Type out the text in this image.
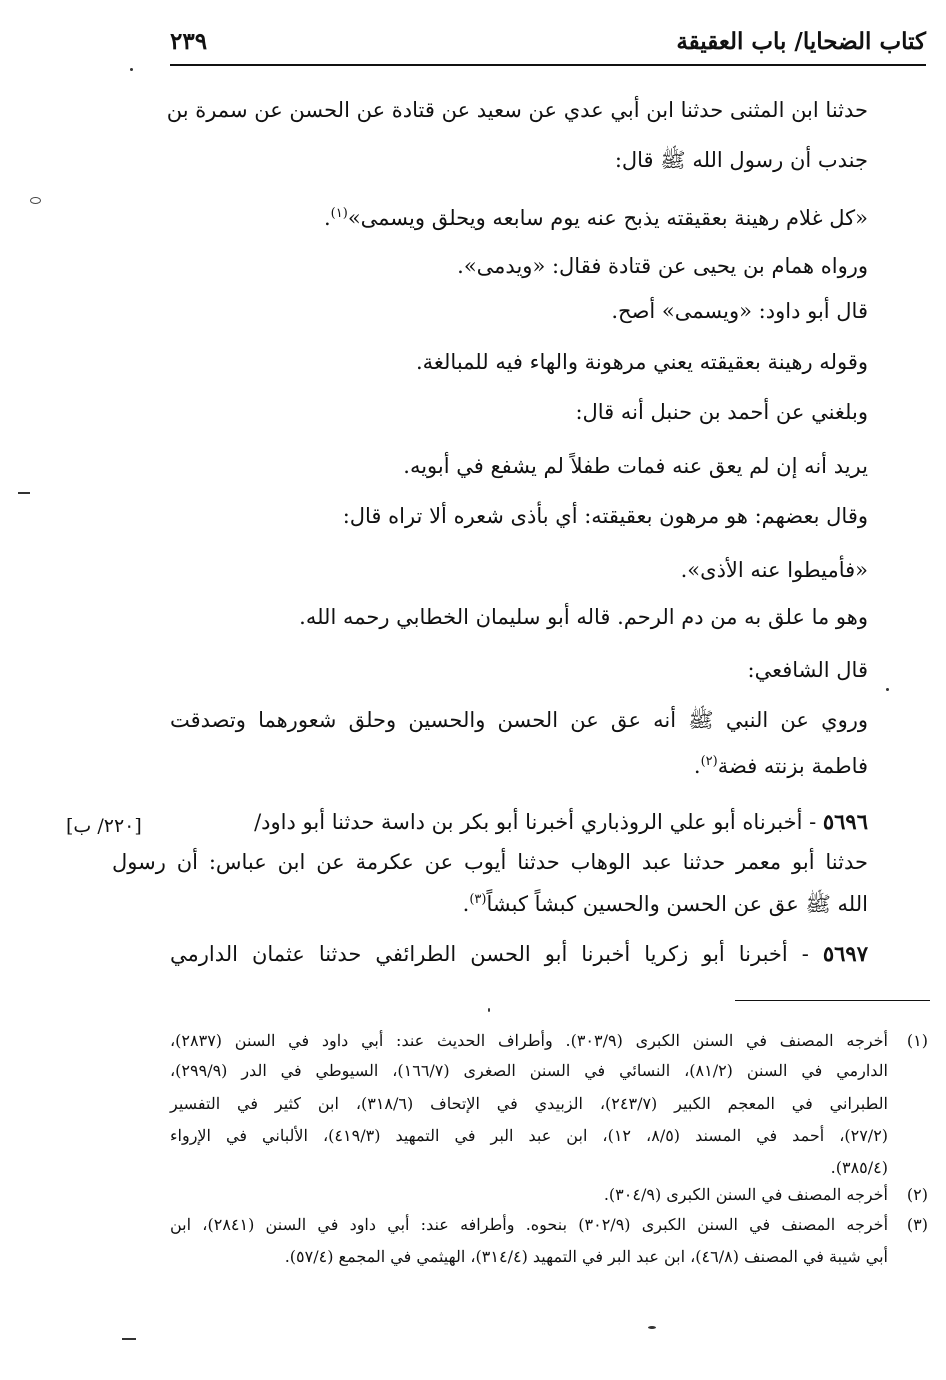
كتاب الضحايا/ باب العقيقة
٢٣٩
حدثنا ابن المثنى حدثنا ابن أبي عدي عن سعيد عن قتادة عن الحسن عن سمرة بن
جندب أن رسول الله ﷺ قال:
«كل غلام رهينة بعقيقته يذبح عنه يوم سابعه ويحلق ويسمى»$^{(١)}$.
ورواه همام بن يحيى عن قتادة فقال: «ويدمى».
قال أبو داود: «ويسمى» أصح.
وقوله رهينة بعقيقته يعني مرهونة والهاء فيه للمبالغة.
وبلغني عن أحمد بن حنبل أنه قال:
يريد أنه إن لم يعق عنه فمات طفلاً لم يشفع في أبويه.
وقال بعضهم: هو مرهون بعقيقته: أي بأذى شعره ألا تراه قال:
«فأميطوا عنه الأذى».
وهو ما علق به من دم الرحم. قاله أبو سليمان الخطابي رحمه الله.
قال الشافعي:
وروي عن النبي ﷺ أنه عق عن الحسن والحسين وحلق شعورهما وتصدقت
فاطمة بزنته فضة$^{(٢)}$.
٥٦٩٦ - أخبرناه أبو علي الروذباري أخبرنا أبو بكر بن داسة حدثنا أبو داود/
[٢٢٠/ ب]
حدثنا أبو معمر حدثنا عبد الوهاب حدثنا أيوب عن عكرمة عن ابن عباس: أن رسول
الله ﷺ عق عن الحسن والحسين كبشاً كبشاً$^{(٣)}$.
٥٦٩٧ - أخبرنا أبو زكريا أخبرنا أبو الحسن الطرائفي حدثنا عثمان الدارمي
(١)
أخرجه المصنف في السنن الكبرى (٣٠٣/٩). وأطراف الحديث عند: أبي داود في السنن (٢٨٣٧)،
الدارمي في السنن (٨١/٢)، النسائي في السنن الصغرى (١٦٦/٧)، السيوطي في الدر (٢٩٩/٩)،
الطبراني في المعجم الكبير (٢٤٣/٧)، الزبيدي في الإتحاف (٣١٨/٦)، ابن كثير في التفسير
(٢٧/٢)، أحمد في المسند (٨/٥، ١٢)، ابن عبد البر في التمهيد (٤١٩/٣)، الألباني في الإرواء
(٣٨٥/٤).
(٢)
أخرجه المصنف في السنن الكبرى (٣٠٤/٩).
(٣)
أخرجه المصنف في السنن الكبرى (٣٠٢/٩) بنحوه. وأطرافه عند: أبي داود في السنن (٢٨٤١)، ابن
أبي شيبة في المصنف (٤٦/٨)، ابن عبد البر في التمهيد (٣١٤/٤)، الهيثمي في المجمع (٥٧/٤).
